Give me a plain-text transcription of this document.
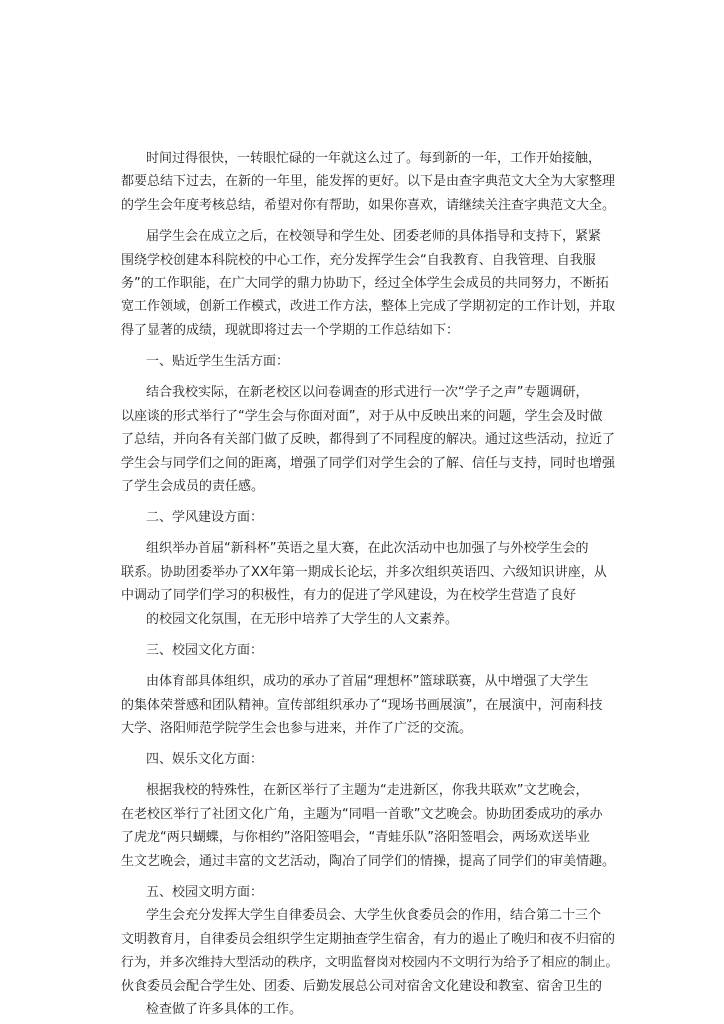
时间过得很快，一转眼忙碌的一年就这么过了。每到新的一年，工作开始接触，
都要总结下过去，在新的一年里，能发挥的更好。以下是由查字典范文大全为大家整理
的学生会年度考核总结，希望对你有帮助，如果你喜欢，请继续关注查字典范文大全。
届学生会在成立之后，在校领导和学生处、团委老师的具体指导和支持下，紧紧
围绕学校创建本科院校的中心工作，充分发挥学生会“自我教育、自我管理、自我服
务”的工作职能，在广大同学的鼎力协助下，经过全体学生会成员的共同努力，不断拓
宽工作领域，创新工作模式，改进工作方法，整体上完成了学期初定的工作计划，并取
得了显著的成绩，现就即将过去一个学期的工作总结如下：
一、贴近学生生活方面：
结合我校实际，在新老校区以问卷调查的形式进行一次“学子之声”专题调研，
以座谈的形式举行了“学生会与你面对面”，对于从中反映出来的问题，学生会及时做
了总结，并向各有关部门做了反映，都得到了不同程度的解决。通过这些活动，拉近了
学生会与同学们之间的距离，增强了同学们对学生会的了解、信任与支持，同时也增强
了学生会成员的责任感。
二、学风建设方面：
组织举办首届“新科杯”英语之星大赛，在此次活动中也加强了与外校学生会的
联系。协助团委举办了XX年第一期成长论坛，并多次组织英语四、六级知识讲座，从
中调动了同学们学习的积极性，有力的促进了学风建设，为在校学生营造了良好
的校园文化氛围，在无形中培养了大学生的人文素养。
三、校园文化方面：
由体育部具体组织，成功的承办了首届“理想杯”篮球联赛，从中增强了大学生
的集体荣誉感和团队精神。宣传部组织承办了“现场书画展演”，在展演中，河南科技
大学、洛阳师范学院学生会也参与进来，并作了广泛的交流。
四、娱乐文化方面：
根据我校的特殊性，在新区举行了主题为“走进新区，你我共联欢”文艺晚会，
在老校区举行了社团文化广角，主题为“同唱一首歌”文艺晚会。协助团委成功的承办
了虎龙“两只蝴蝶，与你相约”洛阳签唱会，“青蛙乐队”洛阳签唱会，两场欢送毕业
生文艺晚会，通过丰富的文艺活动，陶冶了同学们的情操，提高了同学们的审美情趣。
五、校园文明方面：
学生会充分发挥大学生自律委员会、大学生伙食委员会的作用，结合第二十三个
文明教育月，自律委员会组织学生定期抽查学生宿舍，有力的遏止了晚归和夜不归宿的
行为，并多次维持大型活动的秩序，文明监督岗对校园内不文明行为给予了相应的制止。
伙食委员会配合学生处、团委、后勤发展总公司对宿舍文化建设和教室、宿舍卫生的
检查做了许多具体的工作。
